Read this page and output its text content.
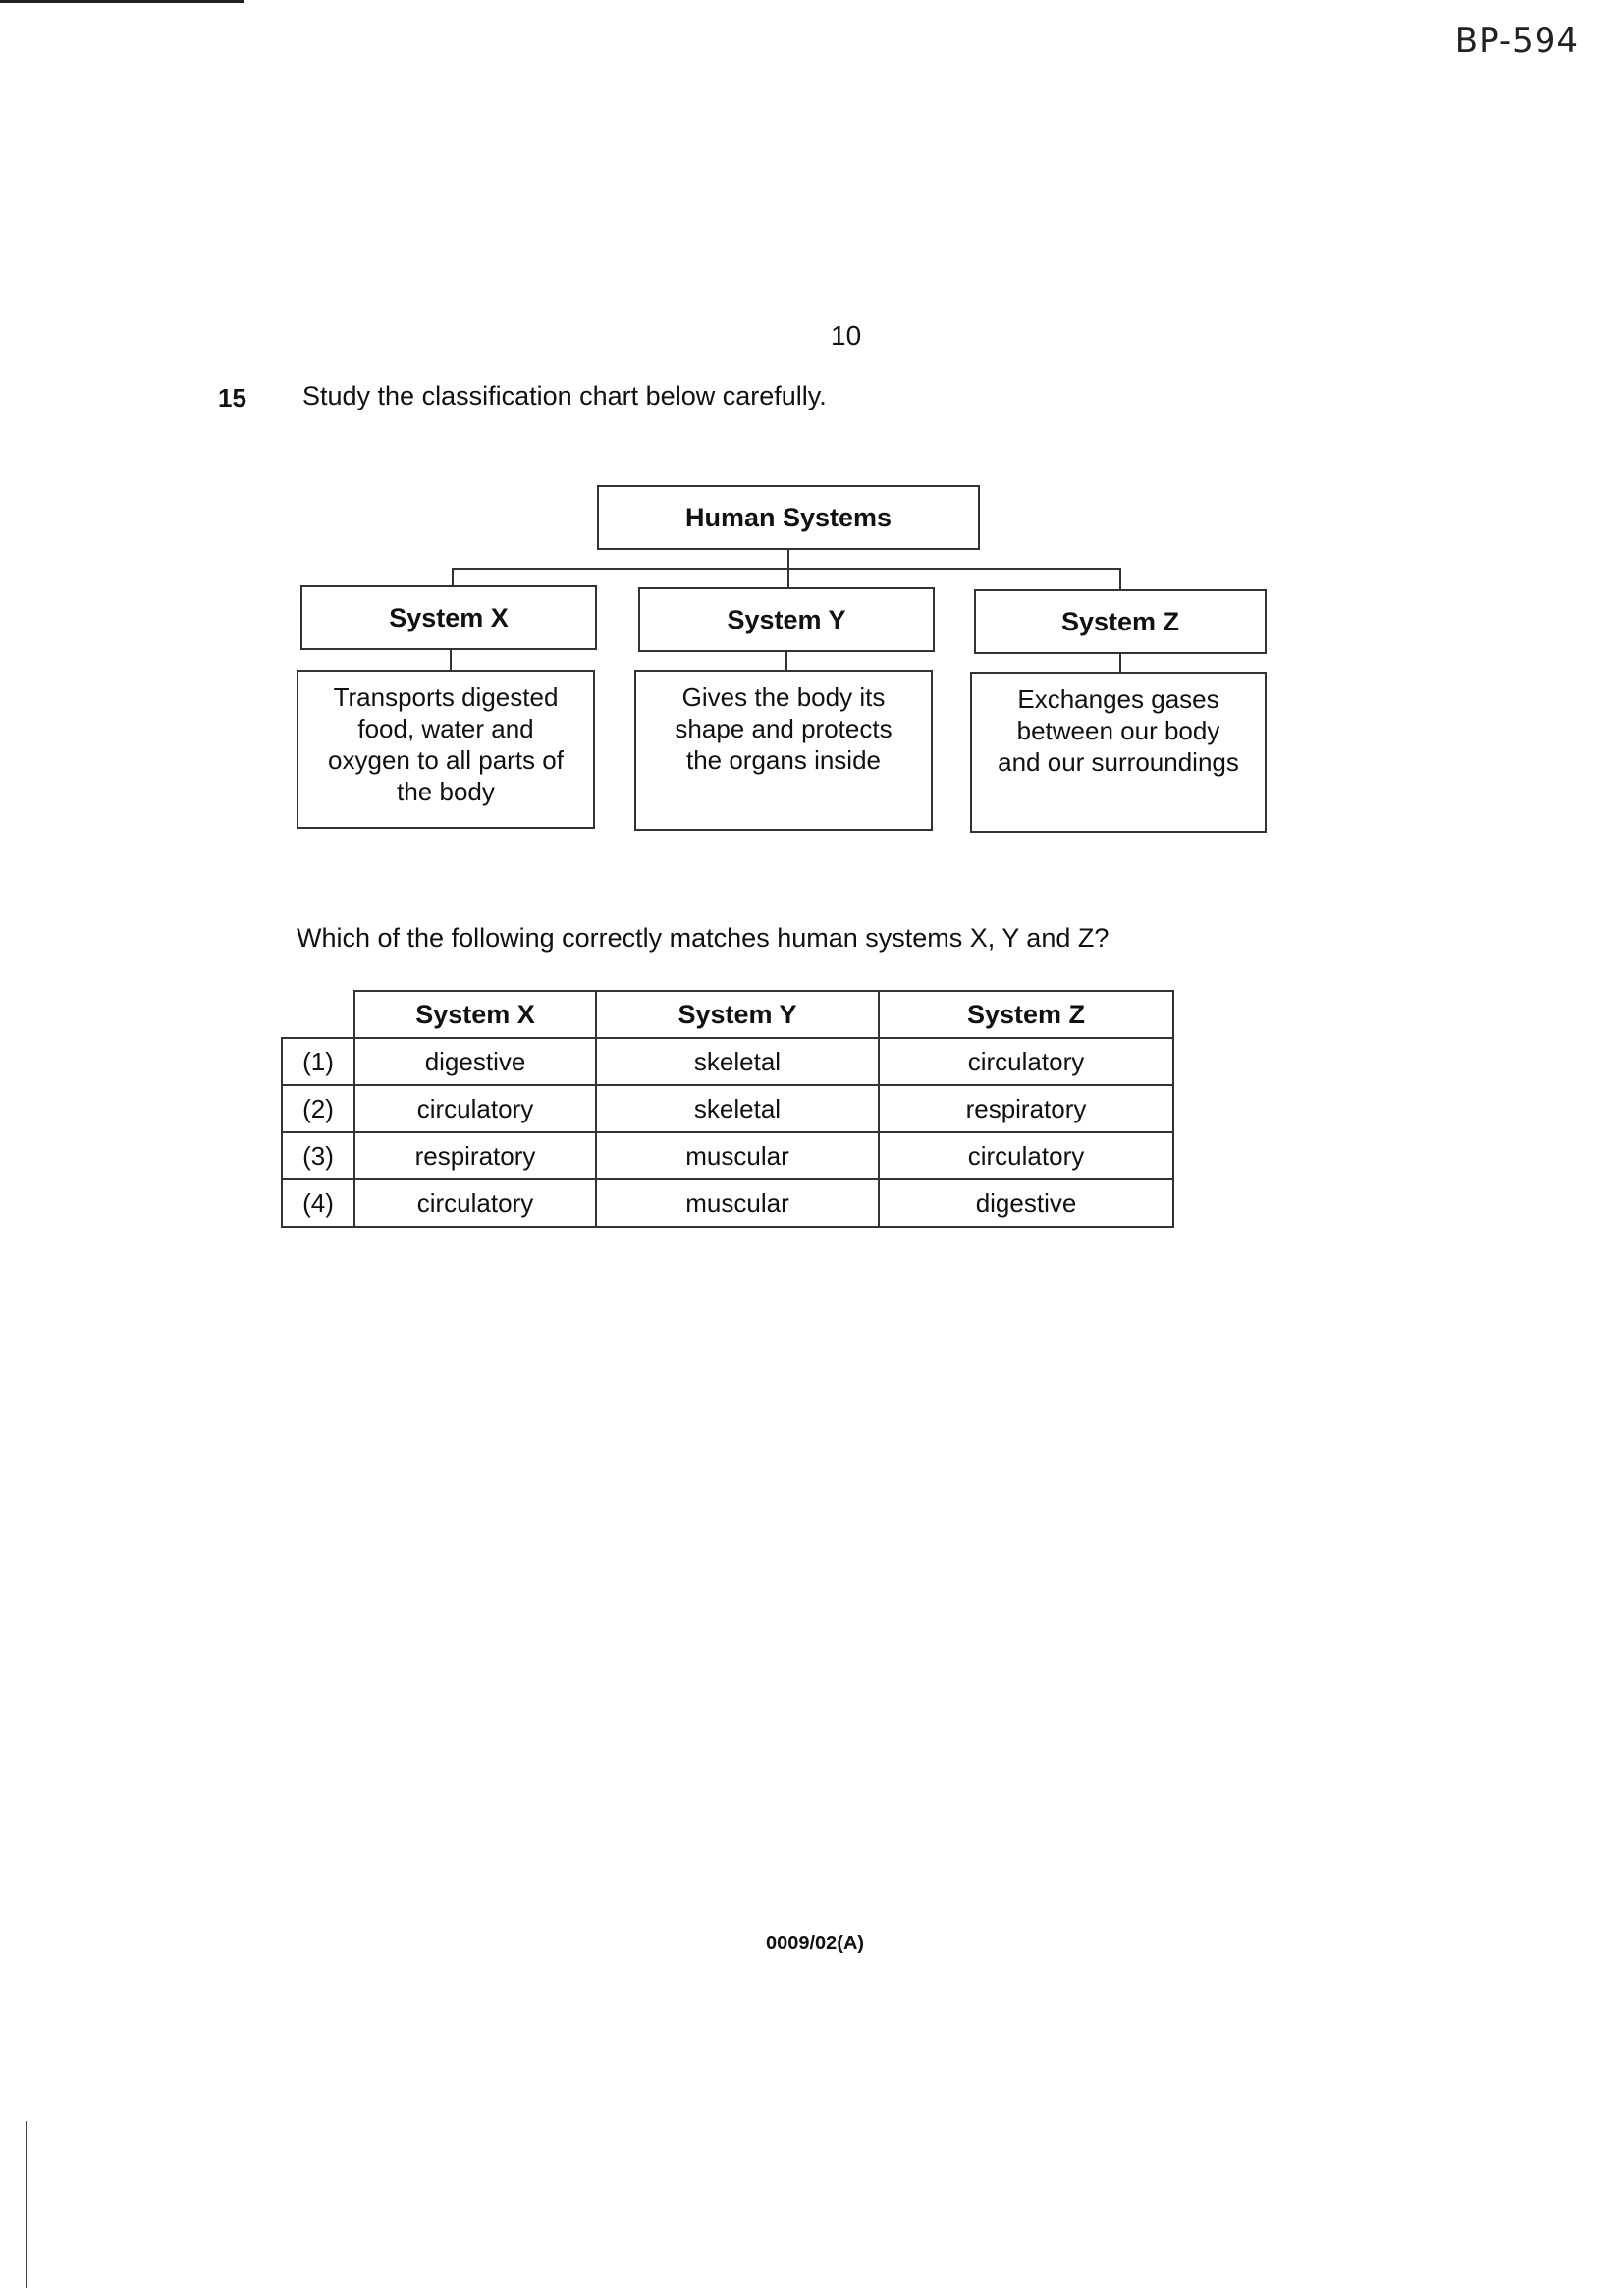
BP-594
10
15 Study the classification chart below carefully.
Human Systems
System X	System Y	System Z
Transports digested food, water and oxygen to all parts of the body
Gives the body its shape and protects the organs inside
Exchanges gases between our body and our surroundings
Which of the following correctly matches human systems X, Y and Z?
	System X	System Y	System Z
(1)	digestive	skeletal	circulatory
(2)	circulatory	skeletal	respiratory
(3)	respiratory	muscular	circulatory
(4)	circulatory	muscular	digestive
0009/02(A)
